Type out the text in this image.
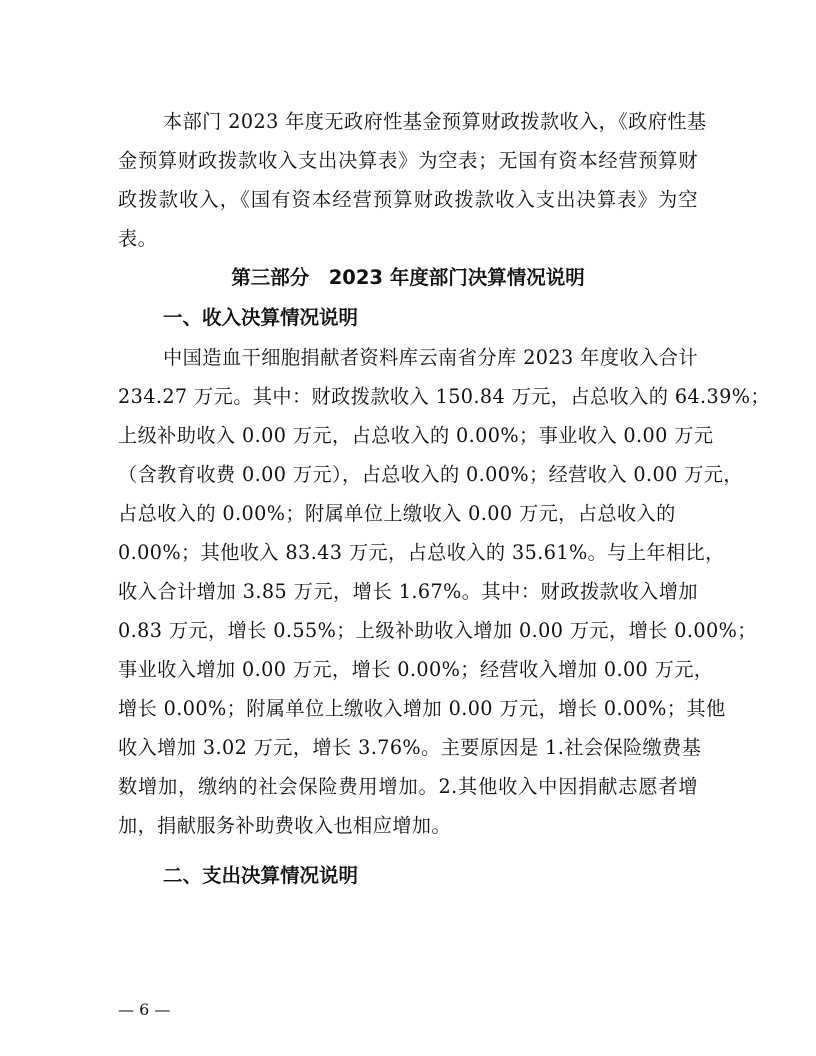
本部门 2023 年度无政府性基金预算财政拨款收入，《政府性基
金预算财政拨款收入支出决算表》为空表；无国有资本经营预算财
政拨款收入，《国有资本经营预算财政拨款收入支出决算表》为空
表。
第三部分　2023 年度部门决算情况说明
一、收入决算情况说明
中国造血干细胞捐献者资料库云南省分库 2023 年度收入合计
234.27 万元。其中：财政拨款收入 150.84 万元，占总收入的 64.39%；
上级补助收入 0.00 万元，占总收入的 0.00%；事业收入 0.00 万元
（含教育收费 0.00 万元），占总收入的 0.00%；经营收入 0.00 万元，
占总收入的 0.00%；附属单位上缴收入 0.00 万元，占总收入的
0.00%；其他收入 83.43 万元，占总收入的 35.61%。与上年相比，
收入合计增加 3.85 万元，增长 1.67%。其中：财政拨款收入增加
0.83 万元，增长 0.55%；上级补助收入增加 0.00 万元，增长 0.00%；
事业收入增加 0.00 万元，增长 0.00%；经营收入增加 0.00 万元，
增长 0.00%；附属单位上缴收入增加 0.00 万元，增长 0.00%；其他
收入增加 3.02 万元，增长 3.76%。主要原因是 1.社会保险缴费基
数增加，缴纳的社会保险费用增加。2.其他收入中因捐献志愿者增
加，捐献服务补助费收入也相应增加。
二、支出决算情况说明
— 6 —
